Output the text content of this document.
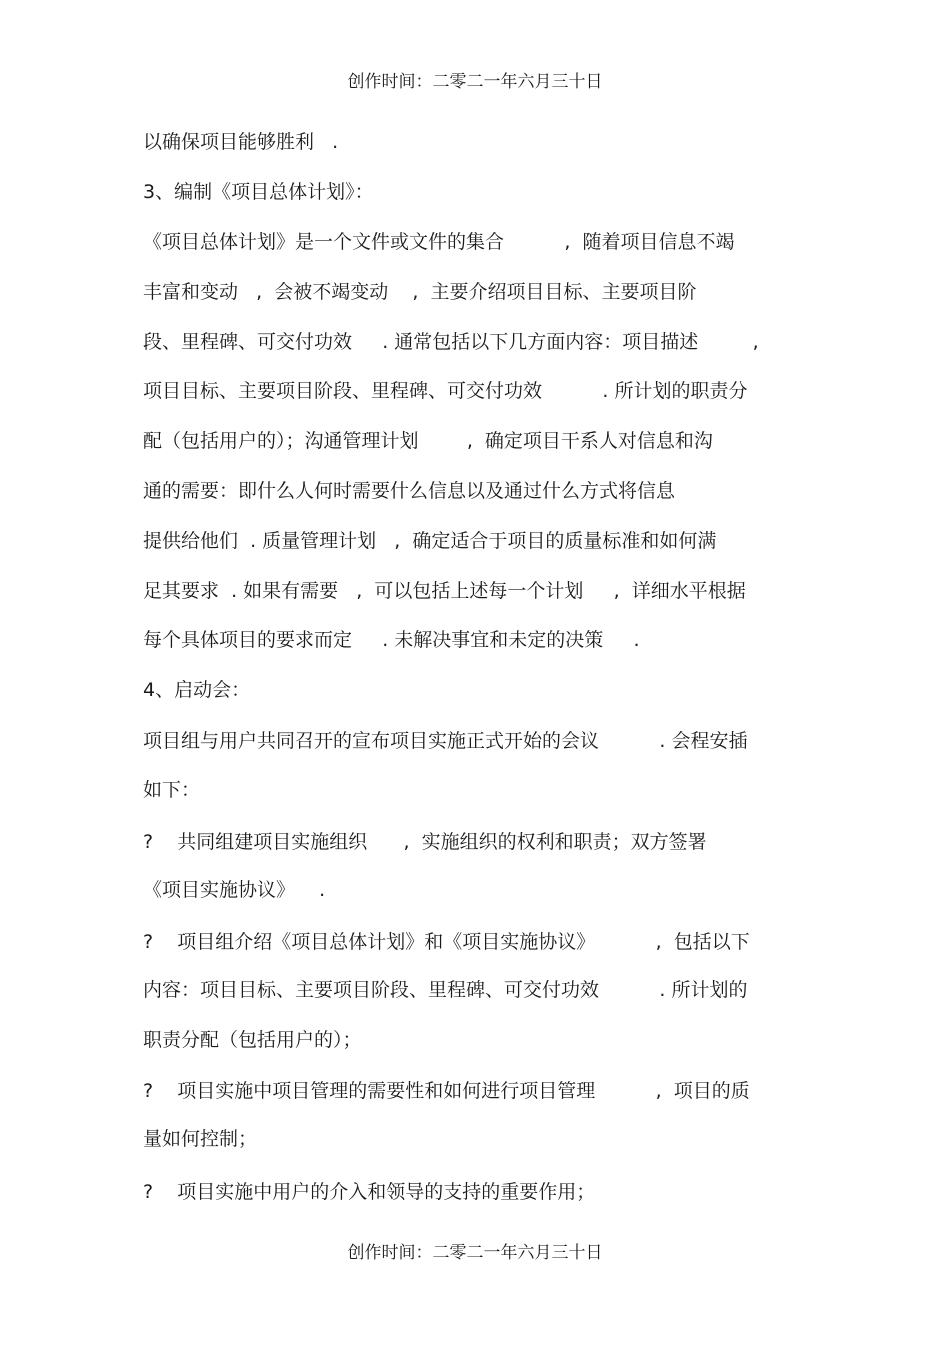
创作时间：二零二一年六月三十日
以确保项目能够胜利   .
3、编制《项目总体计划》：
《项目总体计划》是一个文件或文件的集合          ,  随着项目信息不竭
丰富和变动   ,  会被不竭变动    ,  主要介绍项目目标、主要项目阶
段、里程碑、可交付功效     . 通常包括以下几方面内容：项目描述         ,
项目目标、主要项目阶段、里程碑、可交付功效          . 所计划的职责分
配（包括用户的）；沟通管理计划        ,  确定项目干系人对信息和沟
通的需要：即什么人何时需要什么信息以及通过什么方式将信息
提供给他们  . 质量管理计划   ,  确定适合于项目的质量标准和如何满
足其要求  . 如果有需要   ,  可以包括上述每一个计划     ,  详细水平根据
每个具体项目的要求而定     . 未解决事宜和未定的决策     .
4、启动会：
项目组与用户共同召开的宣布项目实施正式开始的会议          . 会程安插
如下：
?    共同组建项目实施组织      ,  实施组织的权利和职责；双方签署
《项目实施协议》    .
?    项目组介绍《项目总体计划》和《项目实施协议》          ,  包括以下
内容：项目目标、主要项目阶段、里程碑、可交付功效          . 所计划的
职责分配（包括用户的）；
?    项目实施中项目管理的需要性和如何进行项目管理          ,  项目的质
量如何控制；
?    项目实施中用户的介入和领导的支持的重要作用；
创作时间：二零二一年六月三十日
